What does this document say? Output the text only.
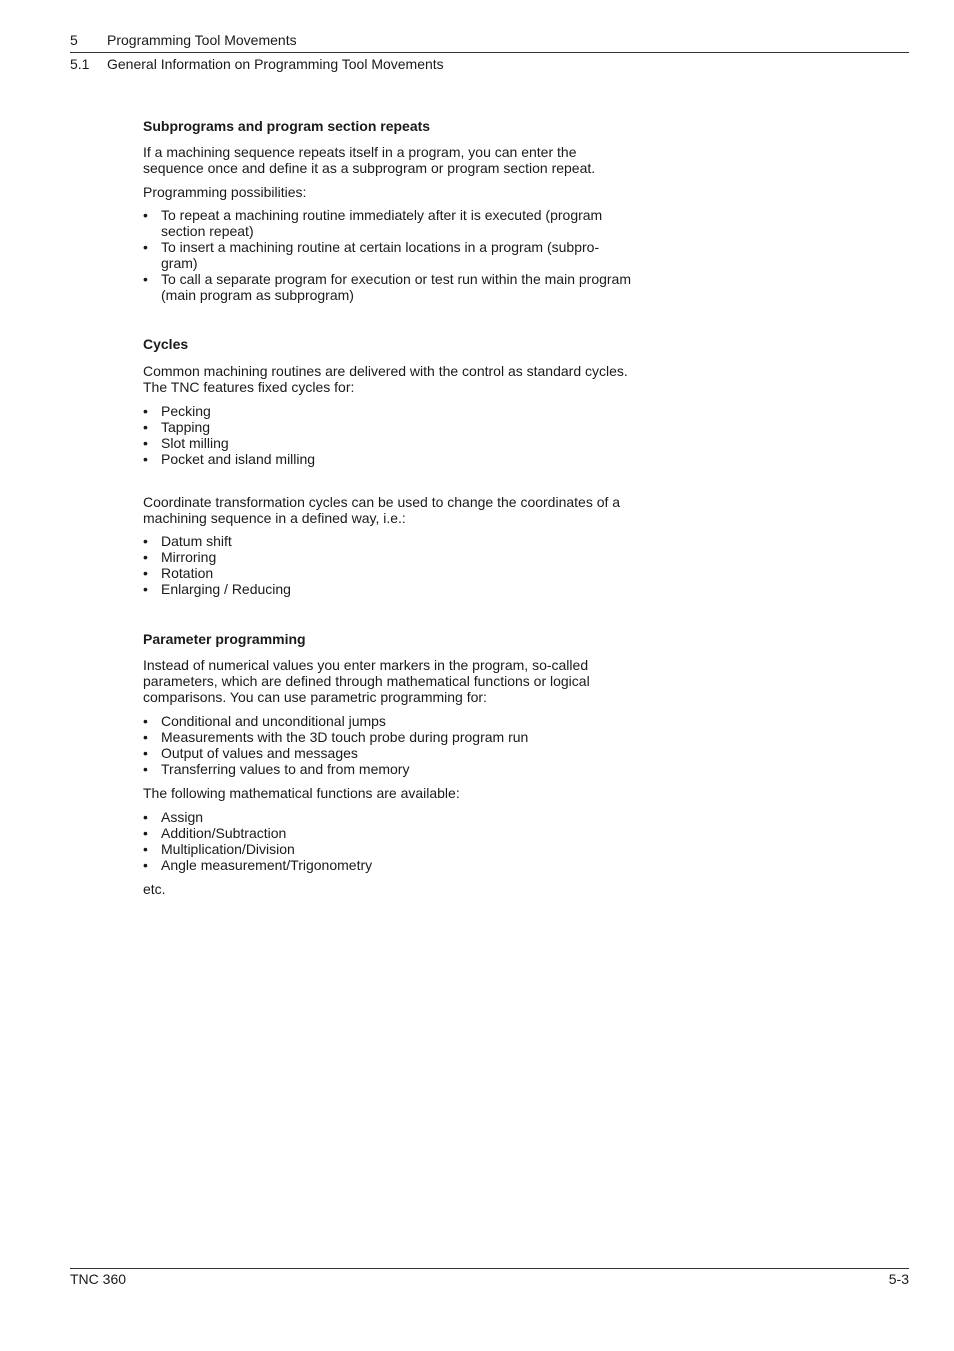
5 Programming Tool Movements
5.1 General Information on Programming Tool Movements

Subprograms and program section repeats

If a machining sequence repeats itself in a program, you can enter the sequence once and define it as a subprogram or program section repeat.

Programming possibilities:

• To repeat a machining routine immediately after it is executed (program section repeat)
• To insert a machining routine at certain locations in a program (subpro-gram)
• To call a separate program for execution or test run within the main program (main program as subprogram)

Cycles

Common machining routines are delivered with the control as standard cycles. The TNC features fixed cycles for:

• Pecking
• Tapping
• Slot milling
• Pocket and island milling

Coordinate transformation cycles can be used to change the coordinates of a machining sequence in a defined way, i.e.:

• Datum shift
• Mirroring
• Rotation
• Enlarging / Reducing

Parameter programming

Instead of numerical values you enter markers in the program, so-called parameters, which are defined through mathematical functions or logical comparisons. You can use parametric programming for:

• Conditional and unconditional jumps
• Measurements with the 3D touch probe during program run
• Output of values and messages
• Transferring values to and from memory

The following mathematical functions are available:

• Assign
• Addition/Subtraction
• Multiplication/Division
• Angle measurement/Trigonometry

etc.

TNC 360	5-3
